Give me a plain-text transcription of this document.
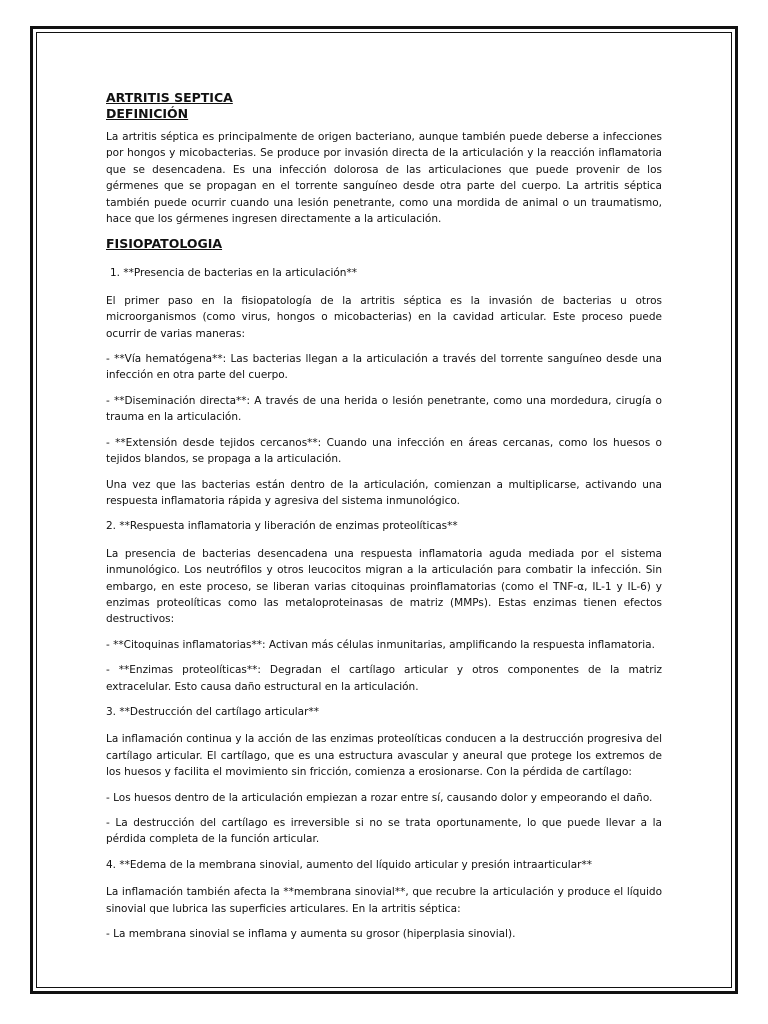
ARTRITIS SEPTICA
DEFINICIÓN

La artritis séptica es principalmente de origen bacteriano, aunque también puede deberse a infecciones por hongos y micobacterias. Se produce por invasión directa de la articulación y la reacción inflamatoria que se desencadena. Es una infección dolorosa de las articulaciones que puede provenir de los gérmenes que se propagan en el torrente sanguíneo desde otra parte del cuerpo. La artritis séptica también puede ocurrir cuando una lesión penetrante, como una mordida de animal o un traumatismo, hace que los gérmenes ingresen directamente a la articulación.

FISIOPATOLOGIA

1. **Presencia de bacterias en la articulación**

El primer paso en la fisiopatología de la artritis séptica es la invasión de bacterias u otros microorganismos (como virus, hongos o micobacterias) en la cavidad articular. Este proceso puede ocurrir de varias maneras:

- **Vía hematógena**: Las bacterias llegan a la articulación a través del torrente sanguíneo desde una infección en otra parte del cuerpo.

- **Diseminación directa**: A través de una herida o lesión penetrante, como una mordedura, cirugía o trauma en la articulación.

- **Extensión desde tejidos cercanos**: Cuando una infección en áreas cercanas, como los huesos o tejidos blandos, se propaga a la articulación.

Una vez que las bacterias están dentro de la articulación, comienzan a multiplicarse, activando una respuesta inflamatoria rápida y agresiva del sistema inmunológico.

2. **Respuesta inflamatoria y liberación de enzimas proteolíticas**

La presencia de bacterias desencadena una respuesta inflamatoria aguda mediada por el sistema inmunológico. Los neutrófilos y otros leucocitos migran a la articulación para combatir la infección. Sin embargo, en este proceso, se liberan varias citoquinas proinflamatorias (como el TNF-α, IL-1 y IL-6) y enzimas proteolíticas como las metaloproteinasas de matriz (MMPs). Estas enzimas tienen efectos destructivos:

- **Citoquinas inflamatorias**: Activan más células inmunitarias, amplificando la respuesta inflamatoria.

- **Enzimas proteolíticas**: Degradan el cartílago articular y otros componentes de la matriz extracelular. Esto causa daño estructural en la articulación.

3. **Destrucción del cartílago articular**

La inflamación continua y la acción de las enzimas proteolíticas conducen a la destrucción progresiva del cartílago articular. El cartílago, que es una estructura avascular y aneural que protege los extremos de los huesos y facilita el movimiento sin fricción, comienza a erosionarse. Con la pérdida de cartílago:

- Los huesos dentro de la articulación empiezan a rozar entre sí, causando dolor y empeorando el daño.

- La destrucción del cartílago es irreversible si no se trata oportunamente, lo que puede llevar a la pérdida completa de la función articular.

4. **Edema de la membrana sinovial, aumento del líquido articular y presión intraarticular**

La inflamación también afecta la **membrana sinovial**, que recubre la articulación y produce el líquido sinovial que lubrica las superficies articulares. En la artritis séptica:

- La membrana sinovial se inflama y aumenta su grosor (hiperplasia sinovial).
